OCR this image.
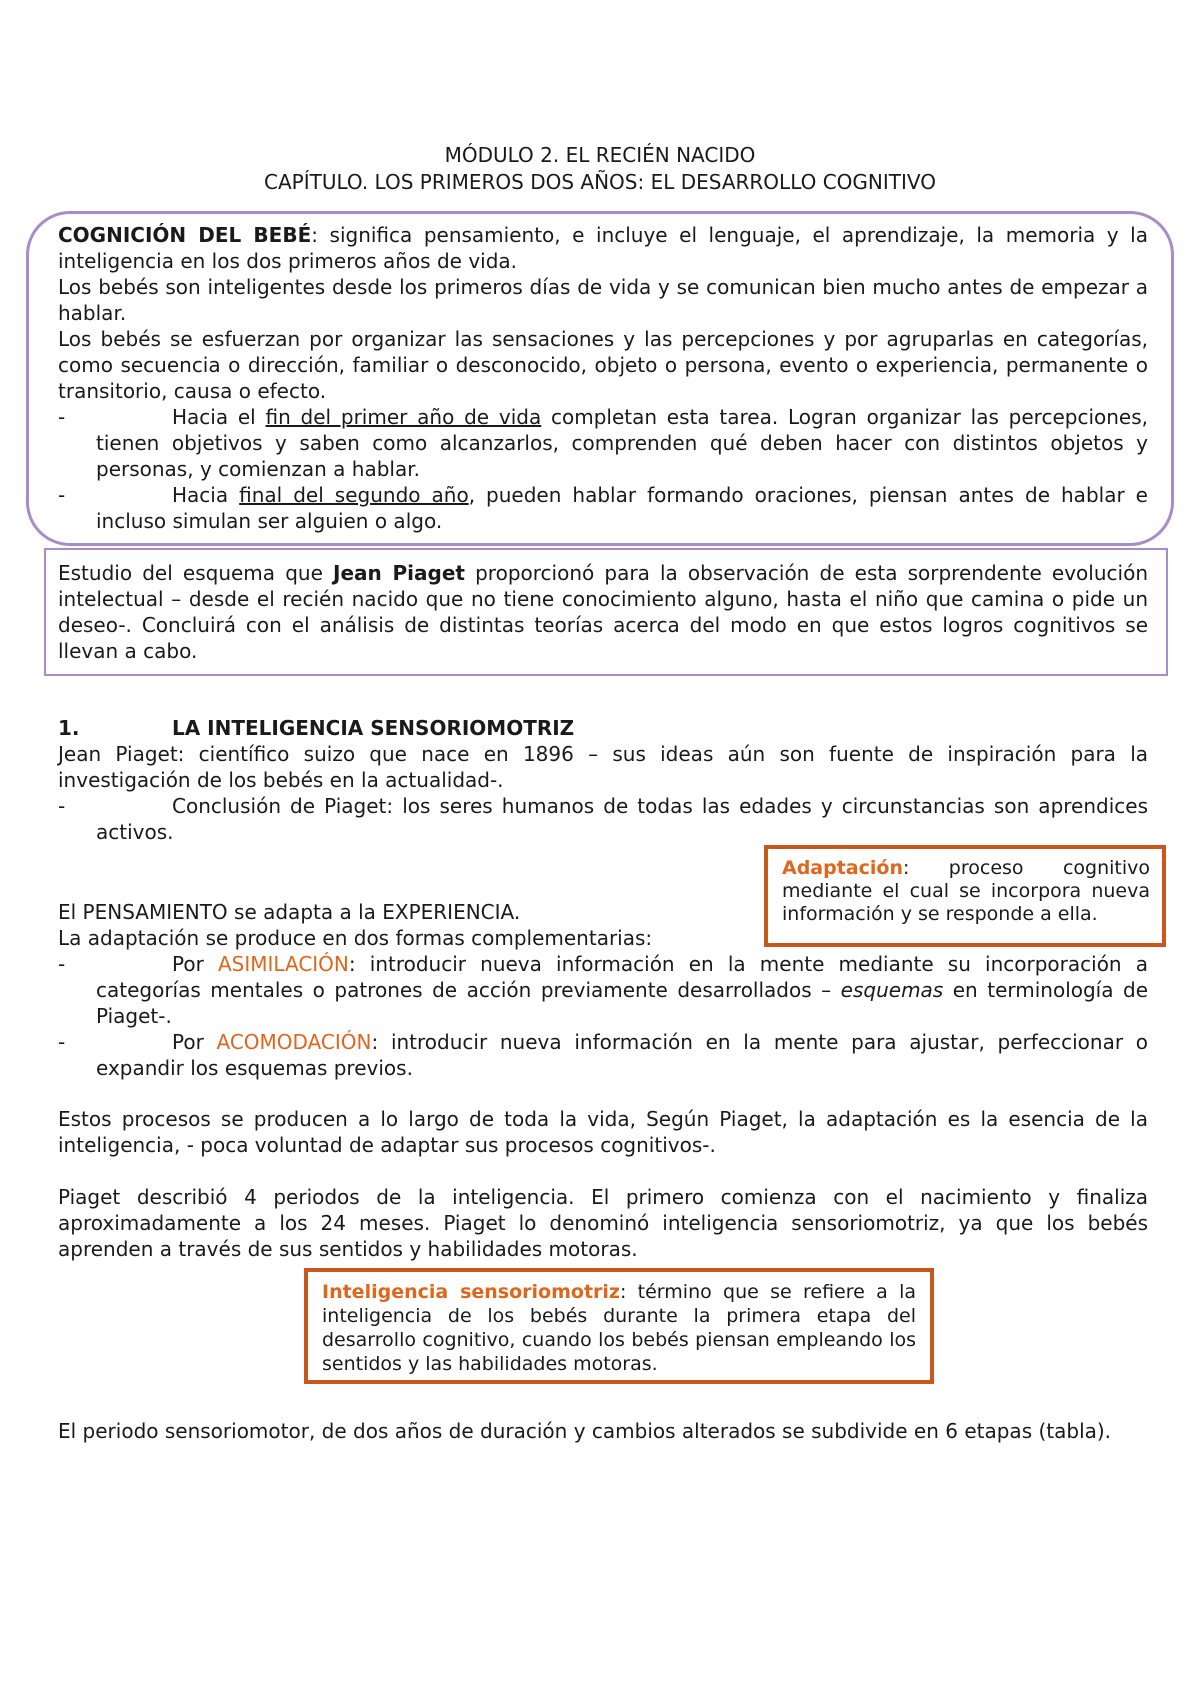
MÓDULO 2. EL RECIÉN NACIDO
CAPÍTULO. LOS PRIMEROS DOS AÑOS: EL DESARROLLO COGNITIVO

COGNICIÓN DEL BEBÉ: significa pensamiento, e incluye el lenguaje, el aprendizaje, la memoria y la inteligencia en los dos primeros años de vida.

Los bebés son inteligentes desde los primeros días de vida y se comunican bien mucho antes de empezar a hablar.

Los bebés se esfuerzan por organizar las sensaciones y las percepciones y por agruparlas en categorías, como secuencia o dirección, familiar o desconocido, objeto o persona, evento o experiencia, permanente o transitorio, causa o efecto.

-	Hacia el fin del primer año de vida completan esta tarea. Logran organizar las percepciones, tienen objetivos y saben como alcanzarlos, comprenden qué deben hacer con distintos objetos y personas, y comienzan a hablar.
-	Hacia final del segundo año, pueden hablar formando oraciones, piensan antes de hablar e incluso simulan ser alguien o algo.
Estudio del esquema que Jean Piaget proporcionó para la observación de esta sorprendente evolución intelectual – desde el recién nacido que no tiene conocimiento alguno, hasta el niño que camina o pide un deseo-. Concluirá con el análisis de distintas teorías acerca del modo en que estos logros cognitivos se llevan a cabo.
1.	LA INTELIGENCIA SENSORIOMOTRIZ

Jean Piaget: científico suizo que nace en 1896 – sus ideas aún son fuente de inspiración para la investigación de los bebés en la actualidad-.

-	Conclusión de Piaget: los seres humanos de todas las edades y circunstancias son aprendices activos.
Adaptación: proceso cognitivo mediante el cual se incorpora nueva información y se responde a ella.

El PENSAMIENTO se adapta a la EXPERIENCIA.

La adaptación se produce en dos formas complementarias:

-	Por ASIMILACIÓN: introducir nueva información en la mente mediante su incorporación a categorías mentales o patrones de acción previamente desarrollados – esquemas en terminología de Piaget-.
-	Por ACOMODACIÓN: introducir nueva información en la mente para ajustar, perfeccionar o expandir los esquemas previos.
Estos procesos se producen a lo largo de toda la vida, Según Piaget, la adaptación es la esencia de la inteligencia, - poca voluntad de adaptar sus procesos cognitivos-.
Piaget describió 4 periodos de la inteligencia. El primero comienza con el nacimiento y finaliza aproximadamente a los 24 meses. Piaget lo denominó inteligencia sensoriomotriz, ya que los bebés aprenden a través de sus sentidos y habilidades motoras.
Inteligencia sensoriomotriz: término que se refiere a la inteligencia de los bebés durante la primera etapa del desarrollo cognitivo, cuando los bebés piensan empleando los sentidos y las habilidades motoras.
El periodo sensoriomotor, de dos años de duración y cambios alterados se subdivide en 6 etapas (tabla).
